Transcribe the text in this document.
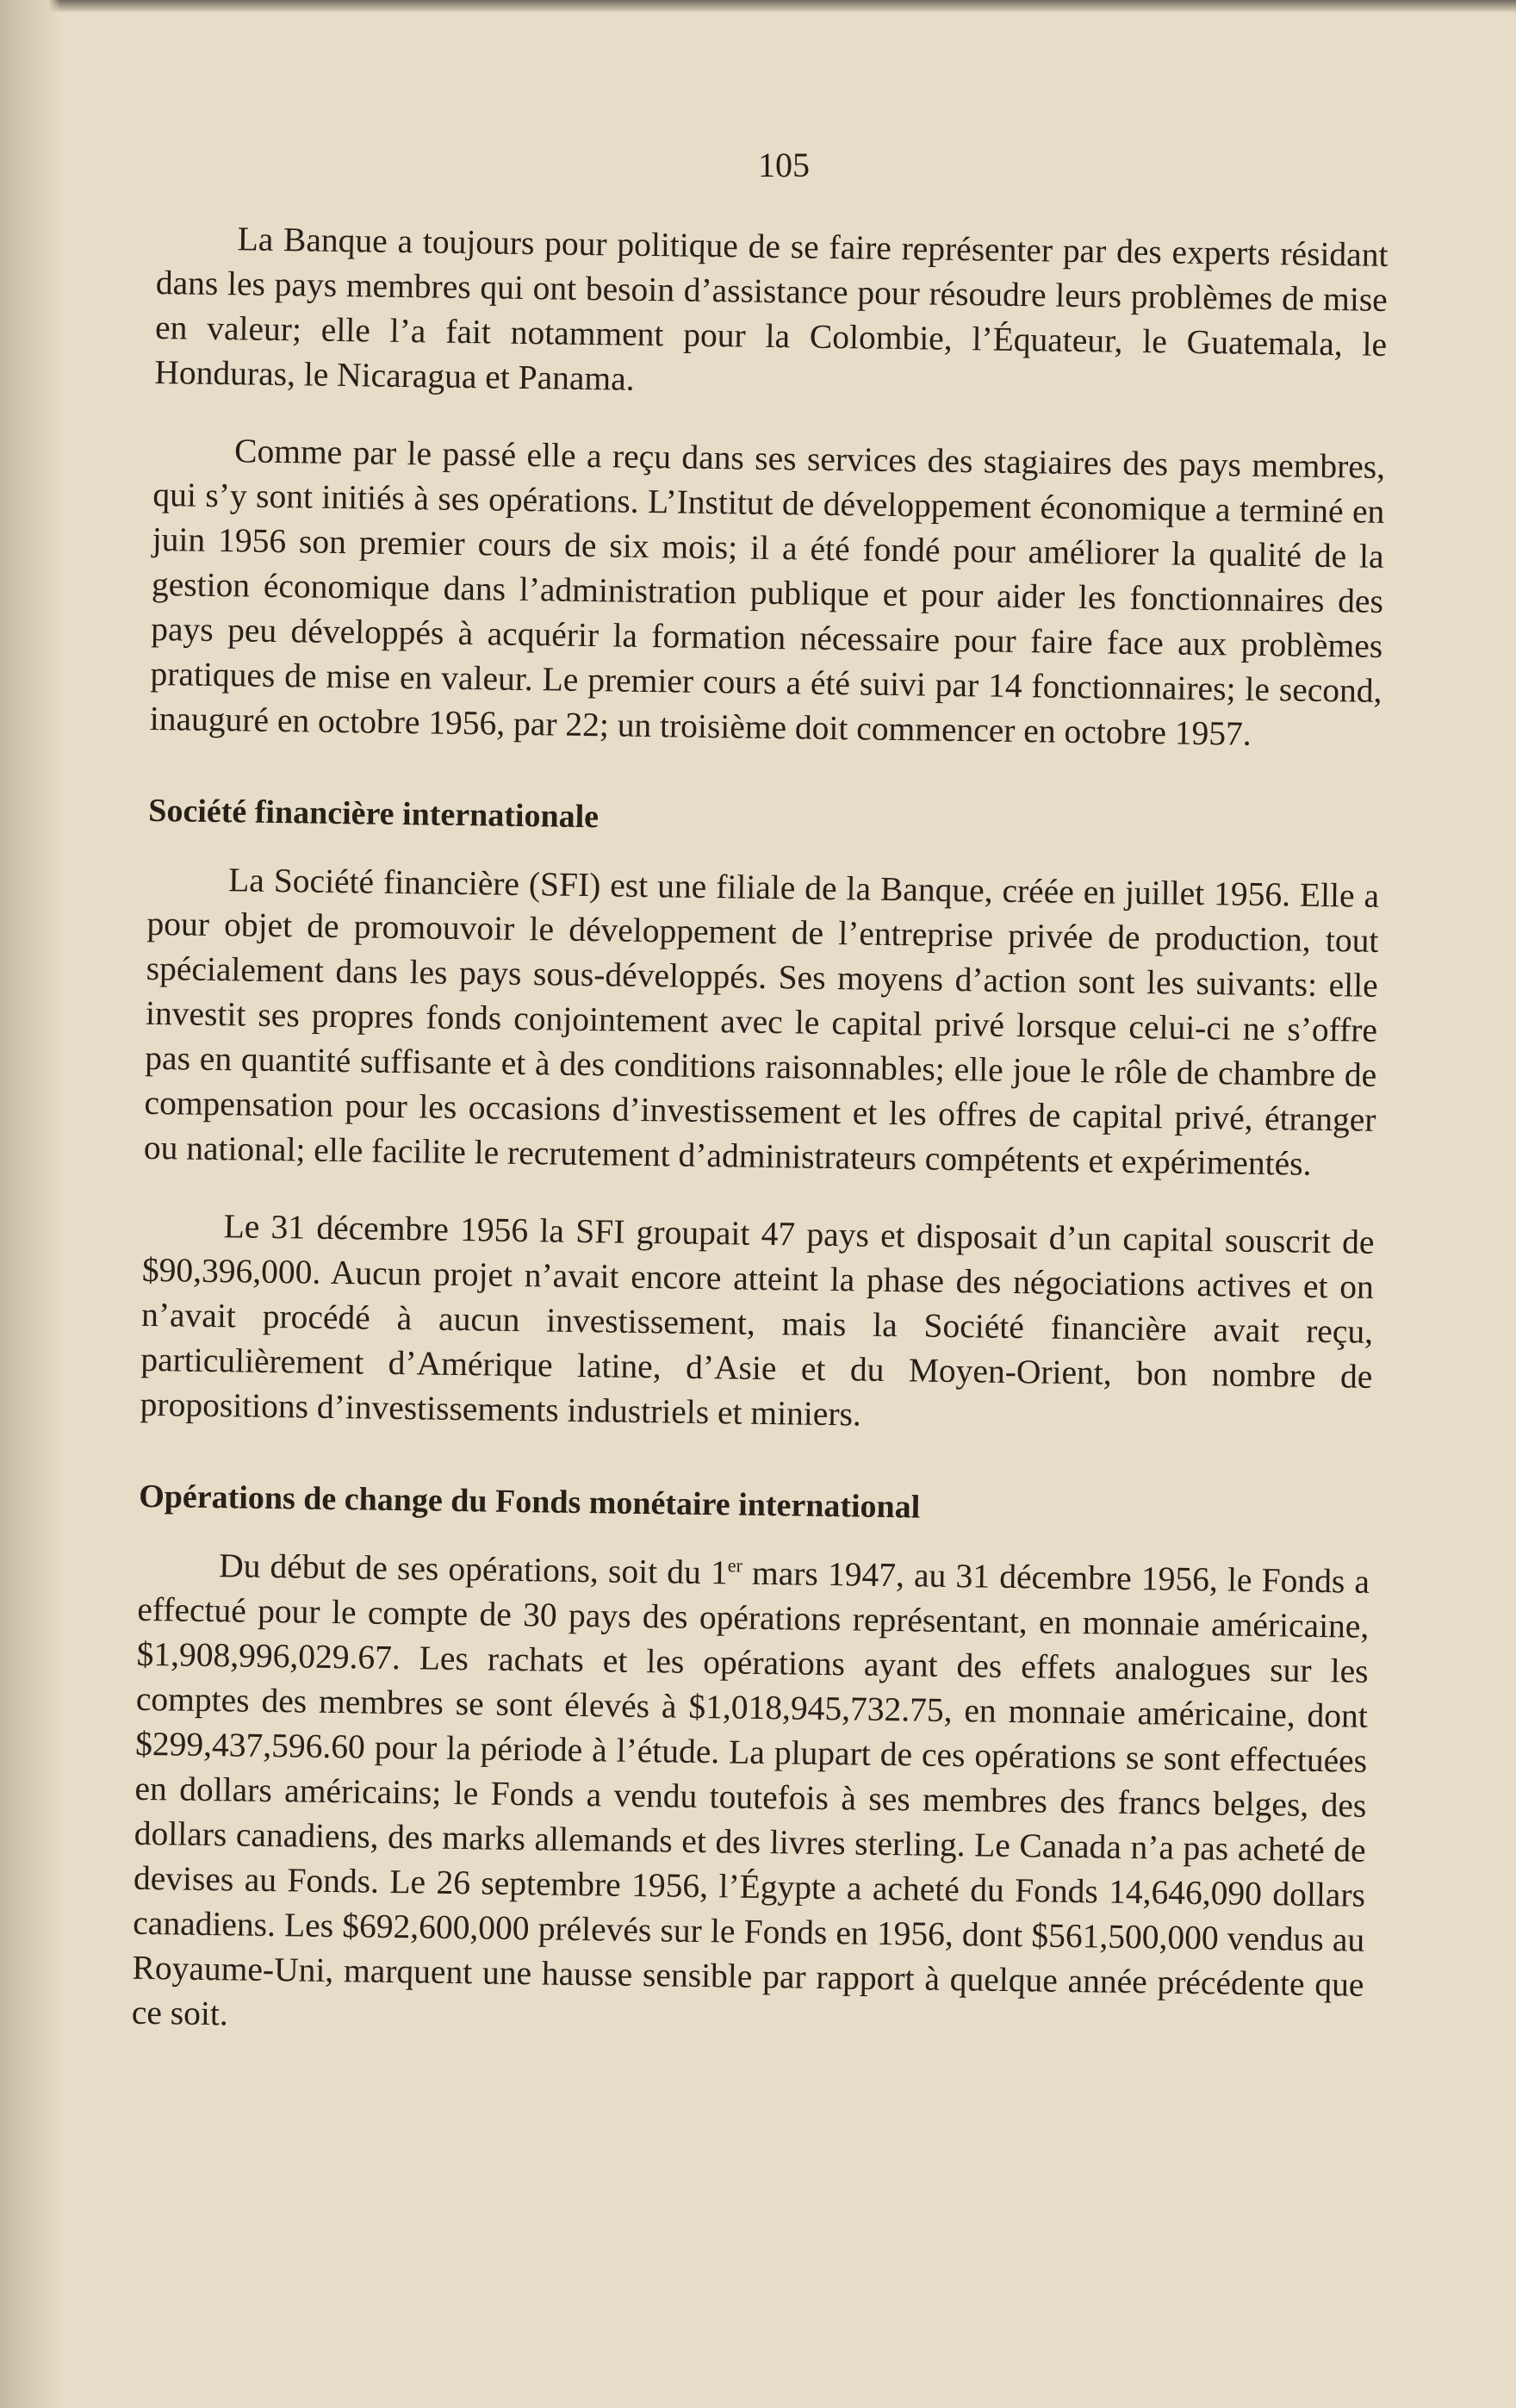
105

La Banque a toujours pour politique de se faire représenter par des experts résidant dans les pays membres qui ont besoin d’assistance pour résoudre leurs problèmes de mise en valeur; elle l’a fait notamment pour la Colombie, l’Équateur, le Guatemala, le Honduras, le Nicaragua et Panama.

Comme par le passé elle a reçu dans ses services des stagiaires des pays membres, qui s’y sont initiés à ses opérations. L’Institut de développement économique a terminé en juin 1956 son premier cours de six mois; il a été fondé pour améliorer la qualité de la gestion économique dans l’administration publique et pour aider les fonctionnaires des pays peu développés à acquérir la formation nécessaire pour faire face aux problèmes pratiques de mise en valeur. Le premier cours a été suivi par 14 fonctionnaires; le second, inauguré en octobre 1956, par 22; un troisième doit commencer en octobre 1957.

Société financière internationale

La Société financière (SFI) est une filiale de la Banque, créée en juillet 1956. Elle a pour objet de promouvoir le développement de l’entreprise privée de production, tout spécialement dans les pays sous-développés. Ses moyens d’action sont les suivants: elle investit ses propres fonds conjointement avec le capital privé lorsque celui-ci ne s’offre pas en quantité suffisante et à des conditions raisonnables; elle joue le rôle de chambre de compensation pour les occasions d’investissement et les offres de capital privé, étranger ou national; elle facilite le recrutement d’administrateurs compétents et expérimentés.

Le 31 décembre 1956 la SFI groupait 47 pays et disposait d’un capital souscrit de $90,396,000. Aucun projet n’avait encore atteint la phase des négociations actives et on n’avait procédé à aucun investissement, mais la Société financière avait reçu, particulièrement d’Amérique latine, d’Asie et du Moyen-Orient, bon nombre de propositions d’investissements industriels et miniers.

Opérations de change du Fonds monétaire international

Du début de ses opérations, soit du 1er mars 1947, au 31 décembre 1956, le Fonds a effectué pour le compte de 30 pays des opérations représentant, en monnaie américaine, $1,908,996,029.67. Les rachats et les opérations ayant des effets analogues sur les comptes des membres se sont élevés à $1,018,945,732.75, en monnaie américaine, dont $299,437,596.60 pour la période à l’étude. La plupart de ces opérations se sont effectuées en dollars américains; le Fonds a vendu toutefois à ses membres des francs belges, des dollars canadiens, des marks allemands et des livres sterling. Le Canada n’a pas acheté de devises au Fonds. Le 26 septembre 1956, l’Égypte a acheté du Fonds 14,646,090 dollars canadiens. Les $692,600,000 prélevés sur le Fonds en 1956, dont $561,500,000 vendus au Royaume-Uni, marquent une hausse sensible par rapport à quelque année précédente que ce soit.
